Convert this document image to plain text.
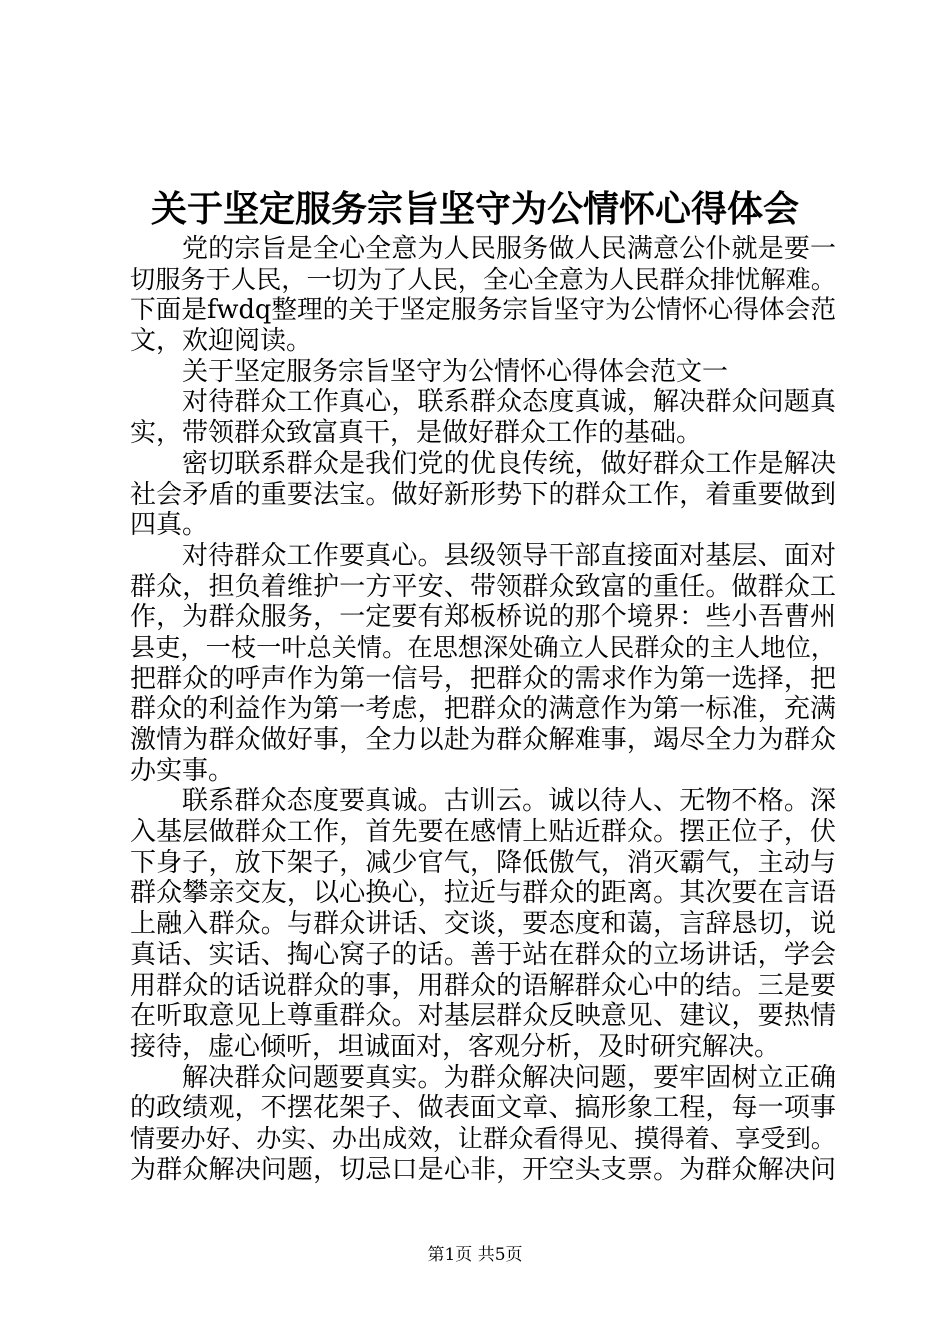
关于坚定服务宗旨坚守为公情怀心得体会
党的宗旨是全心全意为人民服务做人民满意公仆就是要一
切服务于人民，一切为了人民，全心全意为人民群众排忧解难。
下面是fwdq整理的关于坚定服务宗旨坚守为公情怀心得体会范
文，欢迎阅读。
关于坚定服务宗旨坚守为公情怀心得体会范文一
对待群众工作真心，联系群众态度真诚，解决群众问题真
实，带领群众致富真干，是做好群众工作的基础。
密切联系群众是我们党的优良传统，做好群众工作是解决
社会矛盾的重要法宝。做好新形势下的群众工作，着重要做到
四真。
对待群众工作要真心。县级领导干部直接面对基层、面对
群众，担负着维护一方平安、带领群众致富的重任。做群众工
作，为群众服务，一定要有郑板桥说的那个境界：些小吾曹州
县吏，一枝一叶总关情。在思想深处确立人民群众的主人地位，
把群众的呼声作为第一信号，把群众的需求作为第一选择，把
群众的利益作为第一考虑，把群众的满意作为第一标准，充满
激情为群众做好事，全力以赴为群众解难事，竭尽全力为群众
办实事。
联系群众态度要真诚。古训云。诚以待人、无物不格。深
入基层做群众工作，首先要在感情上贴近群众。摆正位子，伏
下身子，放下架子，减少官气，降低傲气，消灭霸气，主动与
群众攀亲交友，以心换心，拉近与群众的距离。其次要在言语
上融入群众。与群众讲话、交谈，要态度和蔼，言辞恳切，说
真话、实话、掏心窝子的话。善于站在群众的立场讲话，学会
用群众的话说群众的事，用群众的语解群众心中的结。三是要
在听取意见上尊重群众。对基层群众反映意见、建议，要热情
接待，虚心倾听，坦诚面对，客观分析，及时研究解决。
解决群众问题要真实。为群众解决问题，要牢固树立正确
的政绩观，不摆花架子、做表面文章、搞形象工程，每一项事
情要办好、办实、办出成效，让群众看得见、摸得着、享受到。
为群众解决问题，切忌口是心非，开空头支票。为群众解决问
第1页 共5页
